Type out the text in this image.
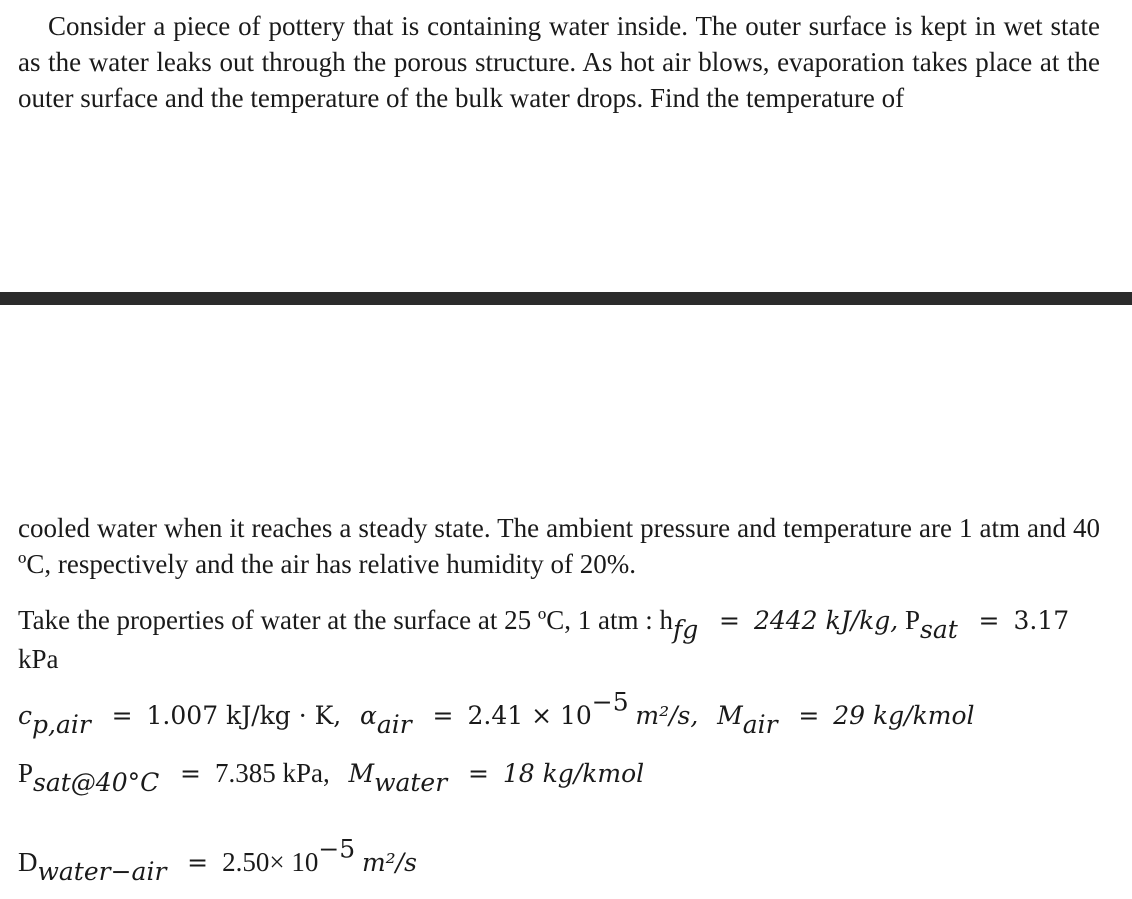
Consider a piece of pottery that is containing water inside. The outer surface is kept in wet state as the water leaks out through the porous structure. As hot air blows, evaporation takes place at the outer surface and the temperature of the bulk water drops. Find the temperature of

cooled water when it reaches a steady state. The ambient pressure and temperature are 1 atm and 40 ºC, respectively and the air has relative humidity of 20%.

Take the properties of water at the surface at 25 ºC, 1 atm : $h_{fg} = 2442$ kJ/kg, $P_{sat} = 3.17$
kPa
$c_{p,air} = 1.007$ kJ/kg · K, $\alpha_{air} = 2.41 \times 10^{-5}$ m²/s, $M_{air} = 29$ kg/kmol
$P_{sat@40^\circ C} = 7.385$ kPa, $M_{water} = 18$ kg/kmol
$D_{water-air} = 2.50\times 10^{-5}$ m²/s
